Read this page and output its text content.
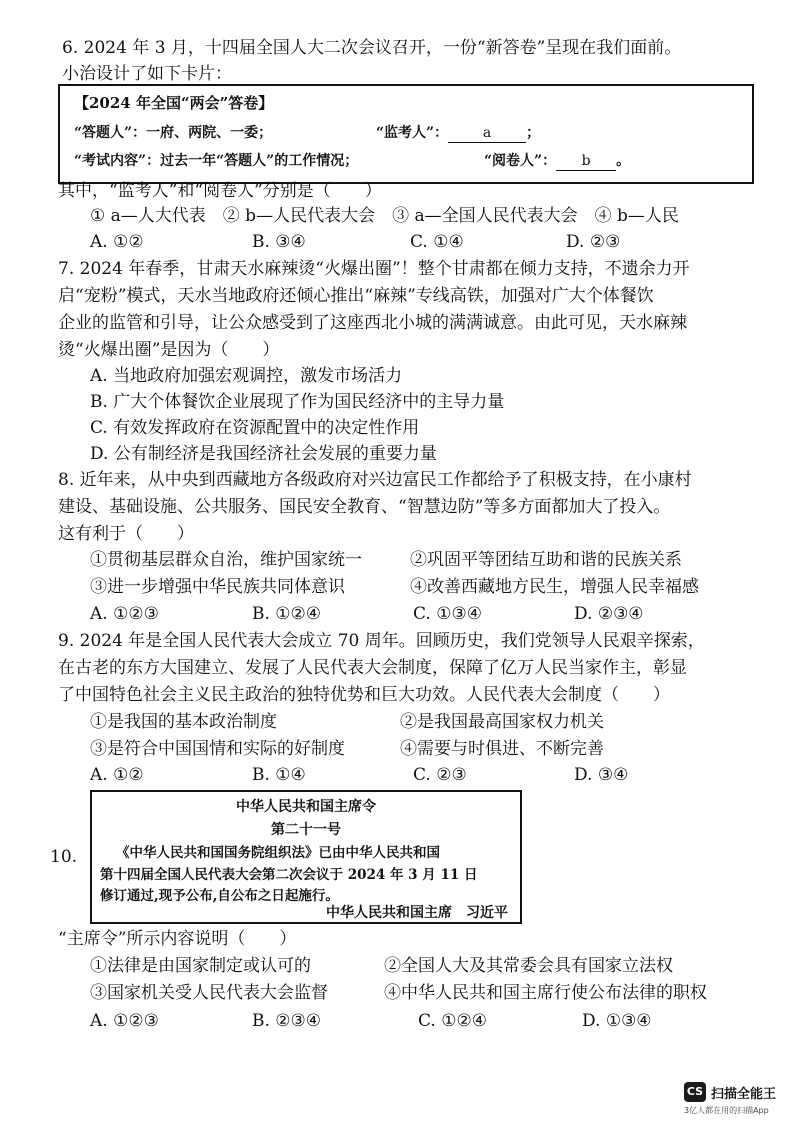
6. 2024 年 3 月，十四届全国人大二次会议召开，一份“新答卷”呈现在我们面前。
小治设计了如下卡片：
【2024 年全国“两会”答卷】
“答题人”：一府、两院、一委；	“监考人”： a ；
“考试内容”：过去一年“答题人”的工作情况；	“阅卷人”： b 。
其中，“监考人”和“阅卷人”分别是（　　）
① a—人大代表　② b—人民代表大会　③ a—全国人民代表大会　④ b—人民
A. ①②	B. ③④	C. ①④	D. ②③
7. 2024 年春季，甘肃天水麻辣烫“火爆出圈”！整个甘肃都在倾力支持，不遗余力开
启“宠粉”模式，天水当地政府还倾心推出“麻辣”专线高铁，加强对广大个体餐饮
企业的监管和引导，让公众感受到了这座西北小城的满满诚意。由此可见，天水麻辣
烫“火爆出圈”是因为（　　）
A. 当地政府加强宏观调控，激发市场活力
B. 广大个体餐饮企业展现了作为国民经济中的主导力量
C. 有效发挥政府在资源配置中的决定性作用
D. 公有制经济是我国经济社会发展的重要力量
8. 近年来，从中央到西藏地方各级政府对兴边富民工作都给予了积极支持，在小康村
建设、基础设施、公共服务、国民安全教育、“智慧边防”等多方面都加大了投入。
这有利于（　　）
①贯彻基层群众自治，维护国家统一	②巩固平等团结互助和谐的民族关系
③进一步增强中华民族共同体意识	④改善西藏地方民生，增强人民幸福感
A. ①②③	B. ①②④	C. ①③④	D. ②③④
9. 2024 年是全国人民代表大会成立 70 周年。回顾历史，我们党领导人民艰辛探索，
在古老的东方大国建立、发展了人民代表大会制度，保障了亿万人民当家作主，彰显
了中国特色社会主义民主政治的独特优势和巨大功效。人民代表大会制度（　　）
①是我国的基本政治制度	②是我国最高国家权力机关
③是符合中国国情和实际的好制度	④需要与时俱进、不断完善
A. ①②	B. ①④	C. ②③	D. ③④
10.
中华人民共和国主席令
第二十一号
《中华人民共和国国务院组织法》已由中华人民共和国
第十四届全国人民代表大会第二次会议于 2024 年 3 月 11 日
修订通过,现予公布,自公布之日起施行。
中华人民共和国主席　习近平
“主席令”所示内容说明（　　）
①法律是由国家制定或认可的	②全国人大及其常委会具有国家立法权
③国家机关受人民代表大会监督	④中华人民共和国主席行使公布法律的职权
A. ①②③	B. ②③④	C. ①②④	D. ①③④
CS 扫描全能王
3亿人都在用的扫描App
